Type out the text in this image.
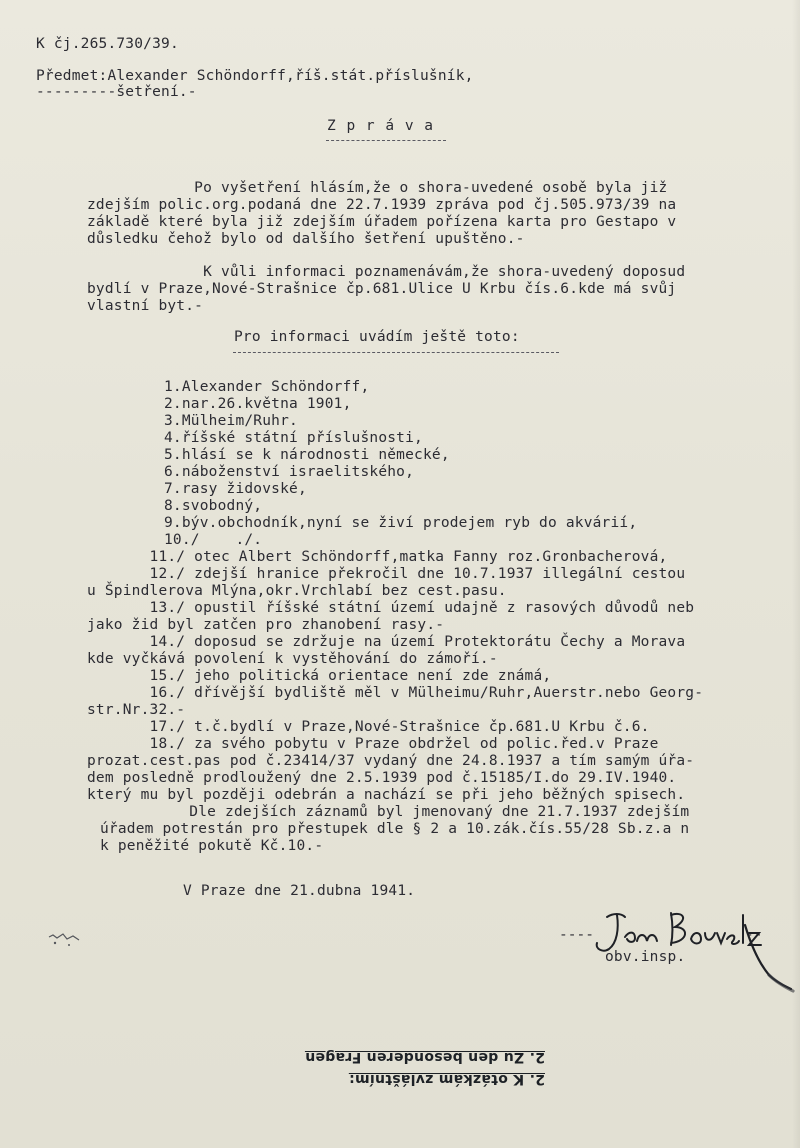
K čj.265.730/39.
Předmet:Alexander Schöndorff,říš.stát.příslušník,
---------šetření.-
Z p r á v a
Po vyšetření hlásím,že o shora-uvedené osobě byla již
zdejším polic.org.podaná dne 22.7.1939 zpráva pod čj.505.973/39 na
základě které byla již zdejším úřadem pořízena karta pro Gestapo v
důsledku čehož bylo od dalšího šetření upuštěno.-
K vůli informaci poznamenávám,že shora-uvedený doposud
bydlí v Praze,Nové-Strašnice čp.681.Ulice U Krbu čís.6.kde má svůj
vlastní byt.-
Pro informaci uvádím ještě toto:
1.Alexander Schöndorff,
2.nar.26.května 1901,
3.Mülheim/Ruhr.
4.říšské státní příslušnosti,
5.hlásí se k národnosti německé,
6.náboženství israelitského,
7.rasy židovské,
8.svobodný,
9.býv.obchodník,nyní se živí prodejem ryb do akvárií,
10./    ./.
11./ otec Albert Schöndorff,matka Fanny roz.Gronbacherová,
12./ zdejší hranice překročil dne 10.7.1937 illegální cestou
u Špindlerova Mlýna,okr.Vrchlabí bez cest.pasu.
13./ opustil říšské státní území udajně z rasových důvodů neb
jako žid byl zatčen pro zhanobení rasy.-
14./ doposud se zdržuje na území Protektorátu Čechy a Morava
kde vyčkává povolení k vystěhování do zámoří.-
15./ jeho politická orientace není zde známá,
16./ dřívější bydliště měl v Mülheimu/Ruhr,Auerstr.nebo Georg-
str.Nr.32.-
17./ t.č.bydlí v Praze,Nové-Strašnice čp.681.U Krbu č.6.
18./ za svého pobytu v Praze obdržel od polic.řed.v Praze
prozat.cest.pas pod č.23414/37 vydaný dne 24.8.1937 a tím samým úřa-
dem posledně prodloužený dne 2.5.1939 pod č.15185/I.do 29.IV.1940.
který mu byl později odebrán a nachází se při jeho běžných spisech.
Dle zdejších záznamů byl jmenovaný dne 21.7.1937 zdejším
úřadem potrestán pro přestupek dle § 2 a 10.zák.čís.55/28 Sb.z.a n
k peněžité pokutě Kč.10.-
V Praze dne 21.dubna 1941.
----	--
obv.insp.
2. K otázkám zvláštním:
2. Zu den besonderen Fragen
